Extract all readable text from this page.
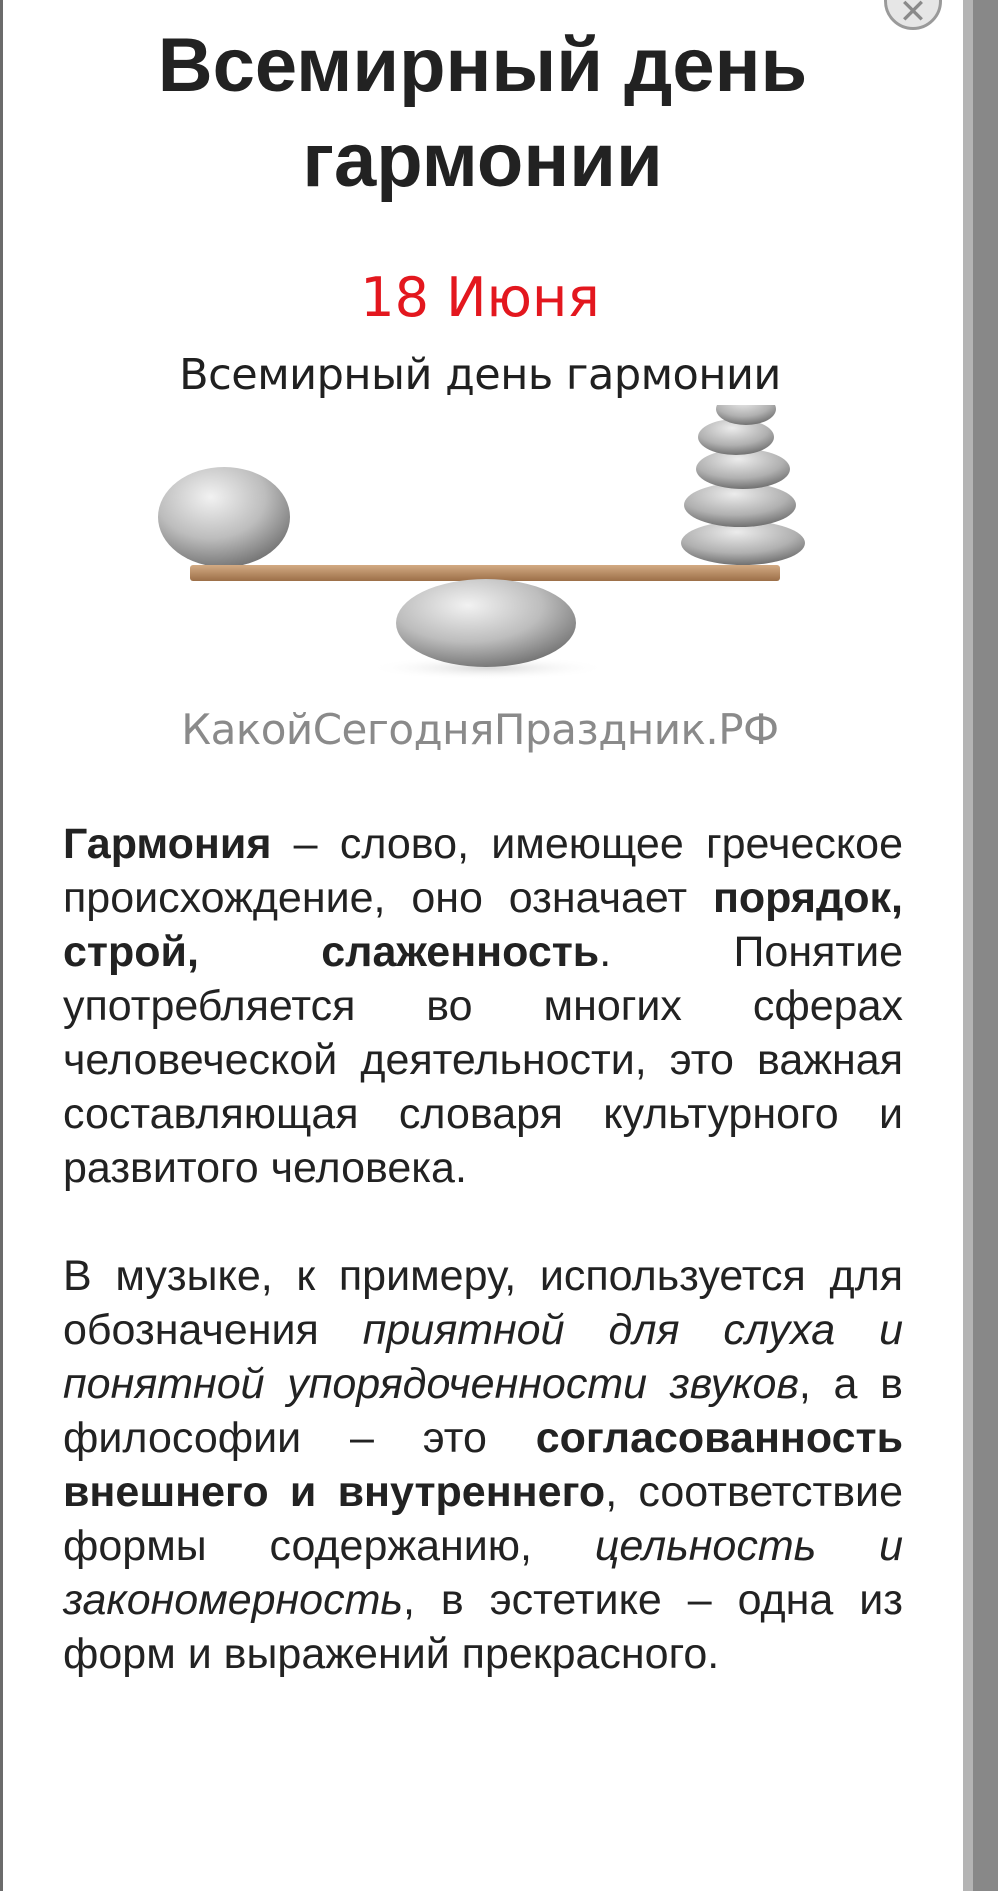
✕
Всемирный день гармонии
18 Июня
Всемирный день гармонии
КакойСегодняПраздник.РФ

Гармония – слово, имеющее греческое происхождение, оно означает порядок, строй, слаженность. Понятие употребляется во многих сферах человеческой деятельности, это важная составляющая словаря культурного и развитого человека.

В музыке, к примеру, используется для обозначения приятной для слуха и понятной упорядоченности звуков, а в философии – это согласованность внешнего и внутреннего, соответствие формы содержанию, цельность и закономерность, в эстетике – одна из форм и выражений прекрасного.
